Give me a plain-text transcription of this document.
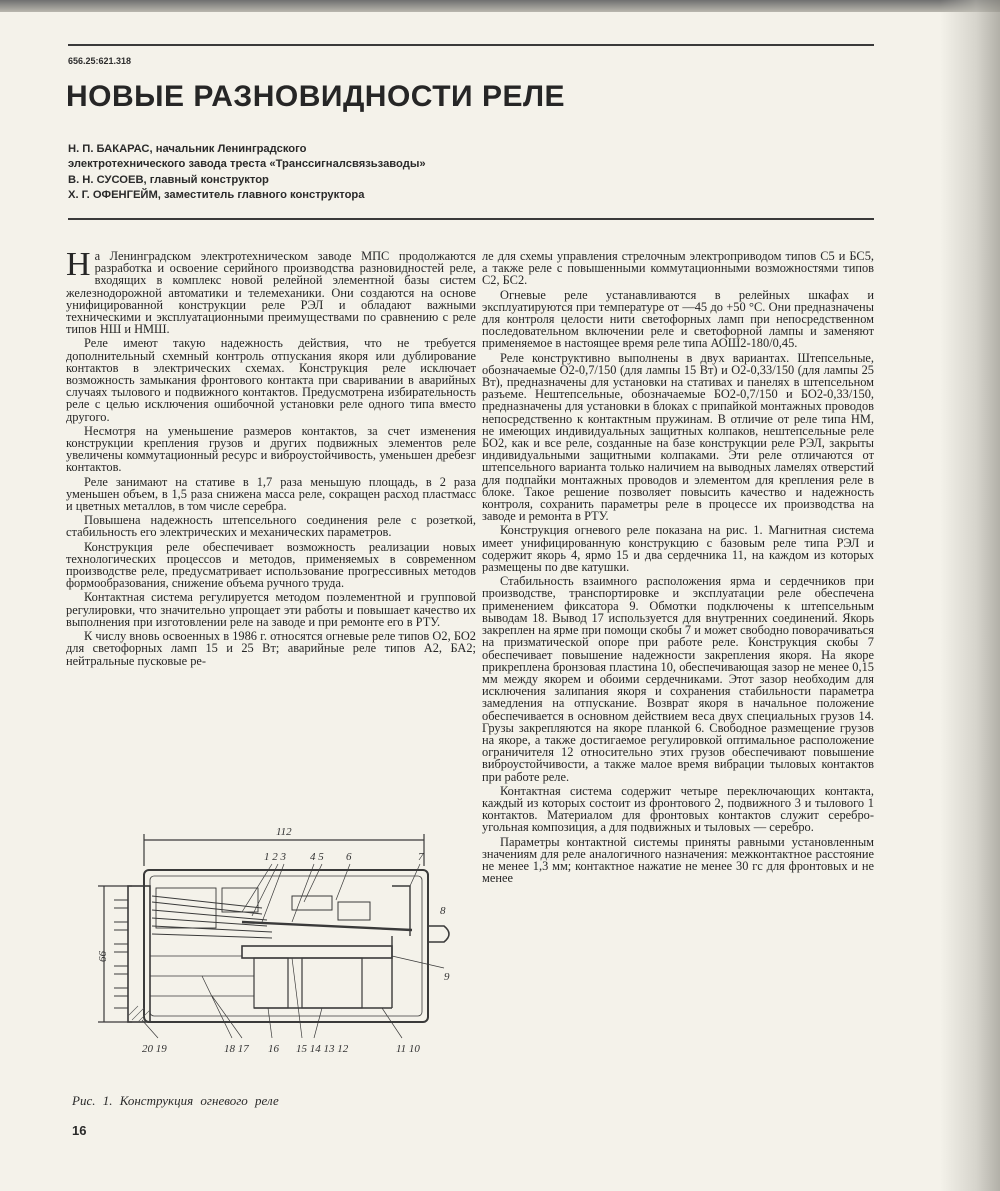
656.25:621.318
НОВЫЕ РАЗНОВИДНОСТИ РЕЛЕ
Н. П. БАКАРАС, начальник Ленинградского
электротехнического завода треста «Транссигналсвязьзаводы»
В. Н. СУСОЕВ, главный конструктор
Х. Г. ОФЕНГЕЙМ, заместитель главного конструктора

На Ленинградском электротехническом заводе МПС продолжаются разработка и освоение серийного производства разновидностей реле, входящих в комплекс новой релейной элементной базы систем железнодорожной автоматики и телемеханики. Они создаются на основе унифицированной конструкции реле РЭЛ и обладают важными техническими и эксплуатационными преимуществами по сравнению с реле типов НШ и НМШ.

Реле имеют такую надежность действия, что не требуется дополнительный схемный контроль отпускания якоря или дублирование контактов в электрических схемах. Конструкция реле исключает возможность замыкания фронтового контакта при сваривании в аварийных случаях тылового и подвижного контактов. Предусмотрена избирательность реле с целью исключения ошибочной установки реле одного типа вместо другого.

Несмотря на уменьшение размеров контактов, за счет изменения конструкции крепления грузов и других подвижных элементов реле увеличены коммутационный ресурс и виброустойчивость, уменьшен дребезг контактов.

Реле занимают на стативе в 1,7 раза меньшую площадь, в 2 раза уменьшен объем, в 1,5 раза снижена масса реле, сокращен расход пластмасс и цветных металлов, в том числе серебра.

Повышена надежность штепсельного соединения реле с розеткой, стабильность его электрических и механических параметров.

Конструкция реле обеспечивает возможность реализации новых технологических процессов и методов, применяемых в современном производстве реле, предусматривает использование прогрессивных методов формообразования, снижение объема ручного труда.

Контактная система регулируется методом поэлементной и групповой регулировки, что значительно упрощает эти работы и повышает качество их выполнения при изготовлении реле на заводе и при ремонте его в РТУ.

К числу вновь освоенных в 1986 г. относятся огневые реле типов О2, БО2 для светофорных ламп 15 и 25 Вт; аварийные реле типов А2, БА2; нейтральные пусковые ре-

ле для схемы управления стрелочным электроприводом типов С5 и БС5, а также реле с повышенными коммутационными возможностями типов С2, БС2.

Огневые реле устанавливаются в релейных шкафах и эксплуатируются при температуре от —45 до +50 °С. Они предназначены для контроля целости нити светофорных ламп при непосредственном последовательном включении реле и светофорной лампы и заменяют применяемое в настоящее время реле типа АОШ2-180/0,45.

Реле конструктивно выполнены в двух вариантах. Штепсельные, обозначаемые О2-0,7/150 (для лампы 15 Вт) и О2-0,33/150 (для лампы 25 Вт), предназначены для установки на стативах и панелях в штепсельном разъеме. Нештепсельные, обозначаемые БО2-0,7/150 и БО2-0,33/150, предназначены для установки в блоках с припайкой монтажных проводов непосредственно к контактным пружинам. В отличие от реле типа НМ, не имеющих индивидуальных защитных колпаков, нештепсельные реле БО2, как и все реле, созданные на базе конструкции реле РЭЛ, закрыты индивидуальными защитными колпаками. Эти реле отличаются от штепсельного варианта только наличием на выводных ламелях отверстий для подпайки монтажных проводов и элементом для крепления реле в блоке. Такое решение позволяет повысить качество и надежность контроля, сохранить параметры реле в процессе их производства на заводе и ремонта в РТУ.

Конструкция огневого реле показана на рис. 1. Магнитная система имеет унифицированную конструкцию с базовым реле типа РЭЛ и содержит якорь 4, ярмо 15 и два сердечника 11, на каждом из которых размещены по две катушки.

Стабильность взаимного расположения ярма и сердечников при производстве, транспортировке и эксплуатации реле обеспечена применением фиксатора 9. Обмотки подключены к штепсельным выводам 18. Вывод 17 используется для внутренних соединений. Якорь закреплен на ярме при помощи скобы 7 и может свободно поворачиваться на призматической опоре при работе реле. Конструкция скобы 7 обеспечивает повышение надежности закрепления якоря. На якоре прикреплена бронзовая пластина 10, обеспечивающая зазор не менее 0,15 мм между якорем и обоими сердечниками. Этот зазор необходим для исключения залипания якоря и сохранения стабильности параметра замедления на отпускание. Возврат якоря в начальное положение обеспечивается в основном действием веса двух специальных грузов 14. Грузы закрепляются на якоре планкой 6. Свободное размещение грузов на якоре, а также достигаемое регулировкой оптимальное расположение ограничителя 12 относительно этих грузов обеспечивают повышение виброустойчивости, а также малое время вибрации тыловых контактов при работе реле.

Контактная система содержит четыре переключающих контакта, каждый из которых состоит из фронтового 2, подвижного 3 и тылового 1 контактов. Материалом для фронтовых контактов служит серебро-угольная композиция, а для подвижных и тыловых — серебро.

Параметры контактной системы приняты равными установленным значениям для реле аналогичного назначения: межконтактное расстояние не менее 1,3 мм; контактное нажатие не менее 30 гс для фронтовых и не менее

112
66
1 2 3 4 5 6	7
8
9
20 19	18 17 16 15 14 13 12	11 10
Рис. 1. Конструкция огневого реле
16
